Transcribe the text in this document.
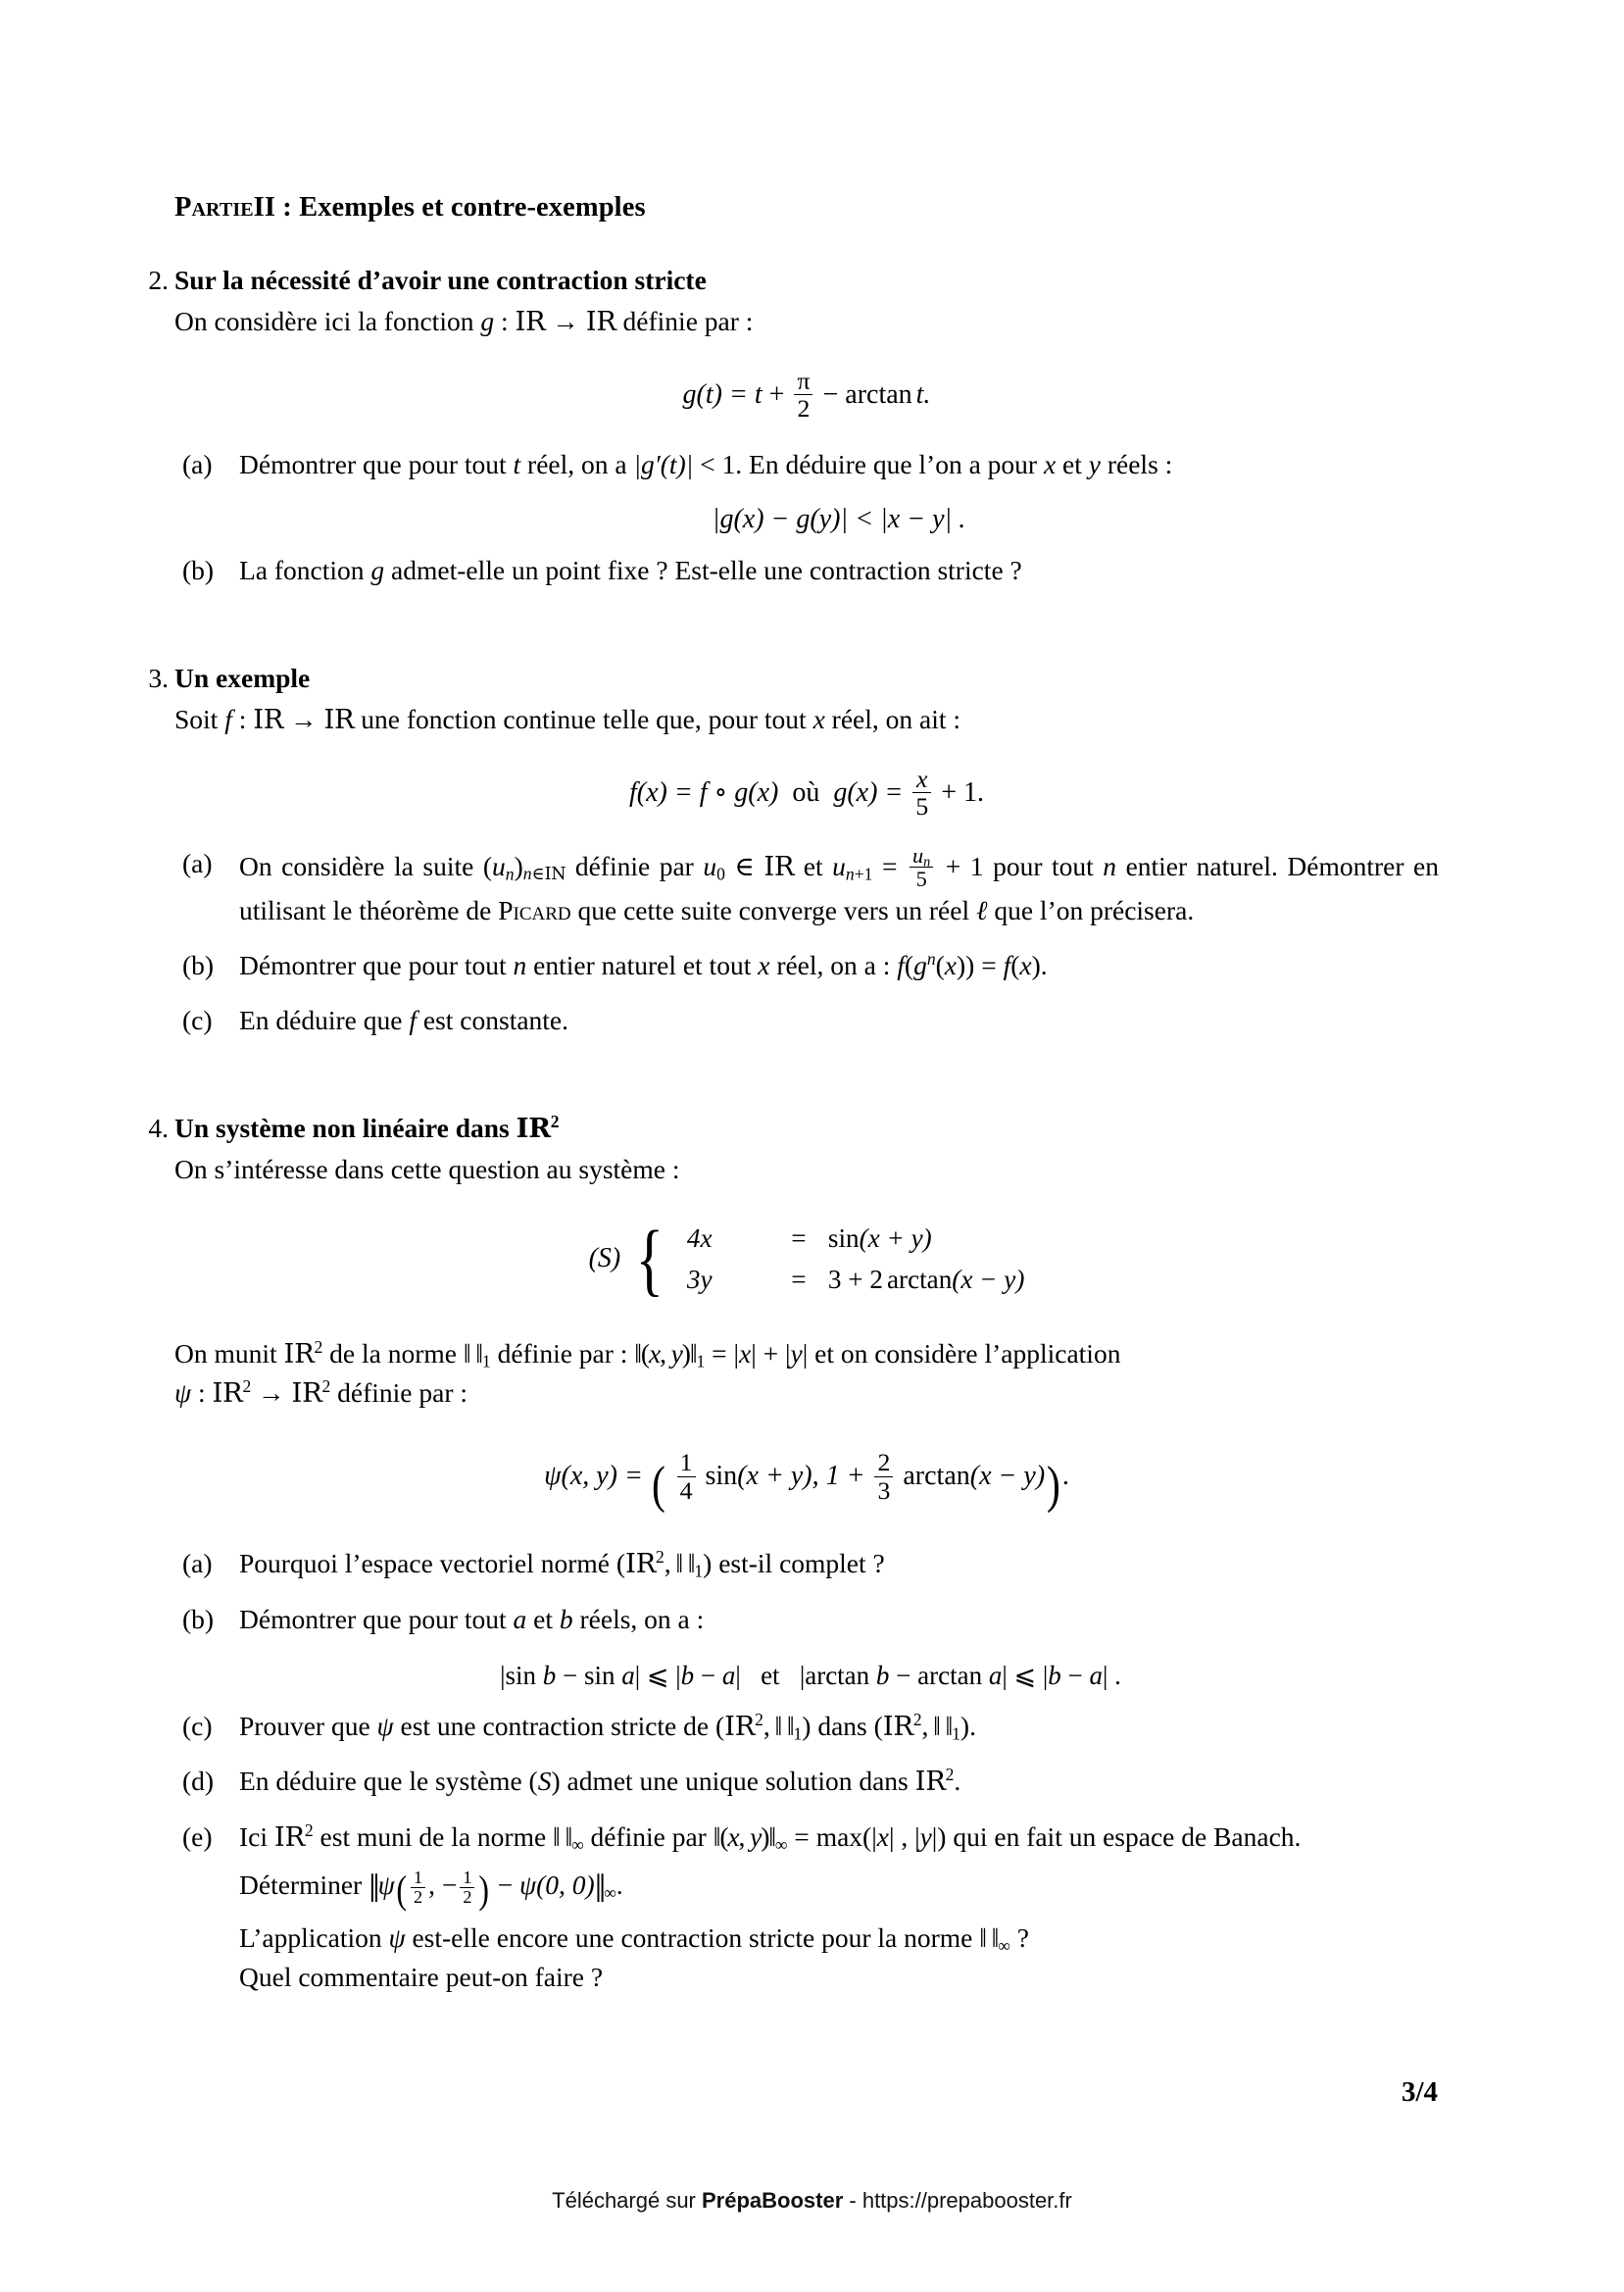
PartieII : Exemples et contre-exemples
2. Sur la nécessité d’avoir une contraction stricte
On considère ici la fonction g : IR → IR définie par :
$g(t) = t + \frac{\pi}{2} - \arctan t$.
(a) Démontrer que pour tout t réel, on a |g′(t)| < 1. En déduire que l’on a pour x et y réels :
|g(x) − g(y)| < |x − y| .
(b) La fonction g admet-elle un point fixe ? Est-elle une contraction stricte ?
3. Un exemple
Soit f : IR → IR une fonction continue telle que, pour tout x réel, on ait :
f(x) = f ∘ g(x) où $g(x) = \frac{x}{5} + 1$.
(a) On considère la suite $(u_n)_{n\in IN}$ définie par $u_0$ ∈ IR et $u_{n+1} = \frac{u_n}{5} + 1$ pour tout n entier naturel. Démontrer en utilisant le théorème de Picard que cette suite converge vers un réel ℓ que l’on précisera.
(b) Démontrer que pour tout n entier naturel et tout x réel, on a : $f(g^n(x)) = f(x)$.
(c) En déduire que f est constante.
4. Un système non linéaire dans $IR^2$
On s’intéresse dans cette question au système :
(S) { 4x	= sin(x + y)
3y	= 3 + 2 arctan(x − y)
On munit $IR^2$ de la norme ‖ $‖_1$ définie par : ‖(x, $y)‖_1 = |x| + |y|$ et on considère l’application
ψ : $IR^2 \to IR^2$ définie par :
ψ(x, y) = ( $\frac{1}{4} \sin(x + y)$, $1 + \frac{2}{3} \arctan(x - y)$).
(a) Pourquoi l’espace vectoriel normé ($IR^2$, ‖ $‖_1$) est-il complet ?
(b) Démontrer que pour tout a et b réels, on a :
|sin b − sin a| ⩽ |b − a| et |arctan b − arctan a| ⩽ |b − a| .
(c) Prouver que ψ est une contraction stricte de ($IR^2$, ‖ $‖_1$) dans ($IR^2$, ‖ $‖_1$).
(d) En déduire que le système (S) admet une unique solution dans $IR^2$.
(e) Ici $IR^2$ est muni de la norme ‖ $‖_\infty$ définie par ‖(x, $y)‖_\infty = \max(|x|$ , |y|) qui en fait un espace de Banach.
Déterminer ‖ψ( $\frac{1}{2}$ , − $\frac{1}{2}$ ) − ψ(0, $0)‖_\infty$.
L’application ψ est-elle encore une contraction stricte pour la norme ‖ $‖_\infty$ ?
Quel commentaire peut-on faire ?
3/4
Téléchargé sur PrépaBooster - https://prepabooster.fr
